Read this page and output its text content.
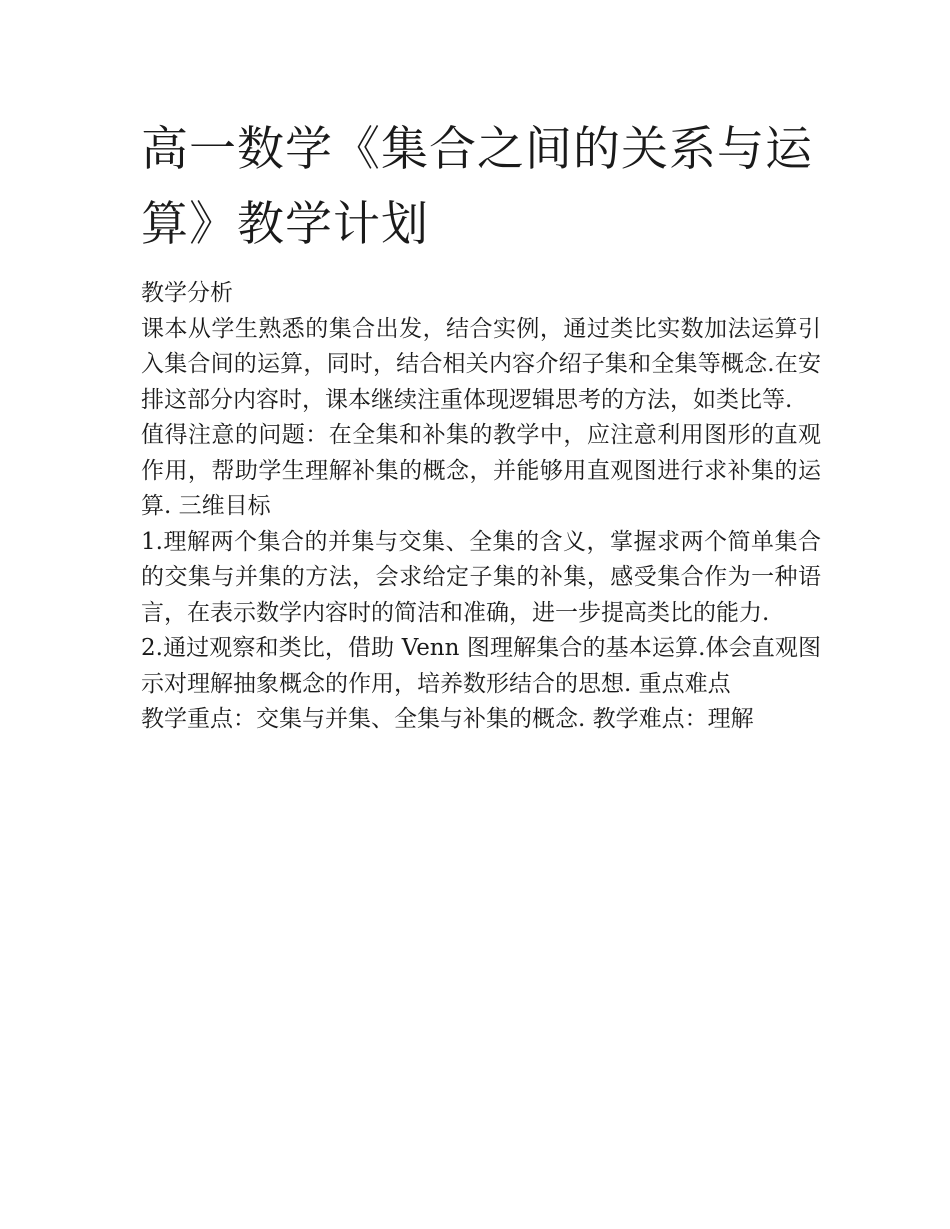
高一数学《集合之间的关系与运算》教学计划

教学分析

课本从学生熟悉的集合出发，结合实例，通过类比实数加法运算引入集合间的运算，同时，结合相关内容介绍子集和全集等概念.在安排这部分内容时，课本继续注重体现逻辑思考的方法，如类比等.

值得注意的问题：在全集和补集的教学中，应注意利用图形的直观作用，帮助学生理解补集的概念，并能够用直观图进行求补集的运算. 三维目标

1.理解两个集合的并集与交集、全集的含义，掌握求两个简单集合的交集与并集的方法，会求给定子集的补集，感受集合作为一种语言，在表示数学内容时的简洁和准确，进一步提高类比的能力.

2.通过观察和类比，借助 Venn 图理解集合的基本运算.体会直观图示对理解抽象概念的作用，培养数形结合的思想. 重点难点

教学重点：交集与并集、全集与补集的概念. 教学难点：理解
